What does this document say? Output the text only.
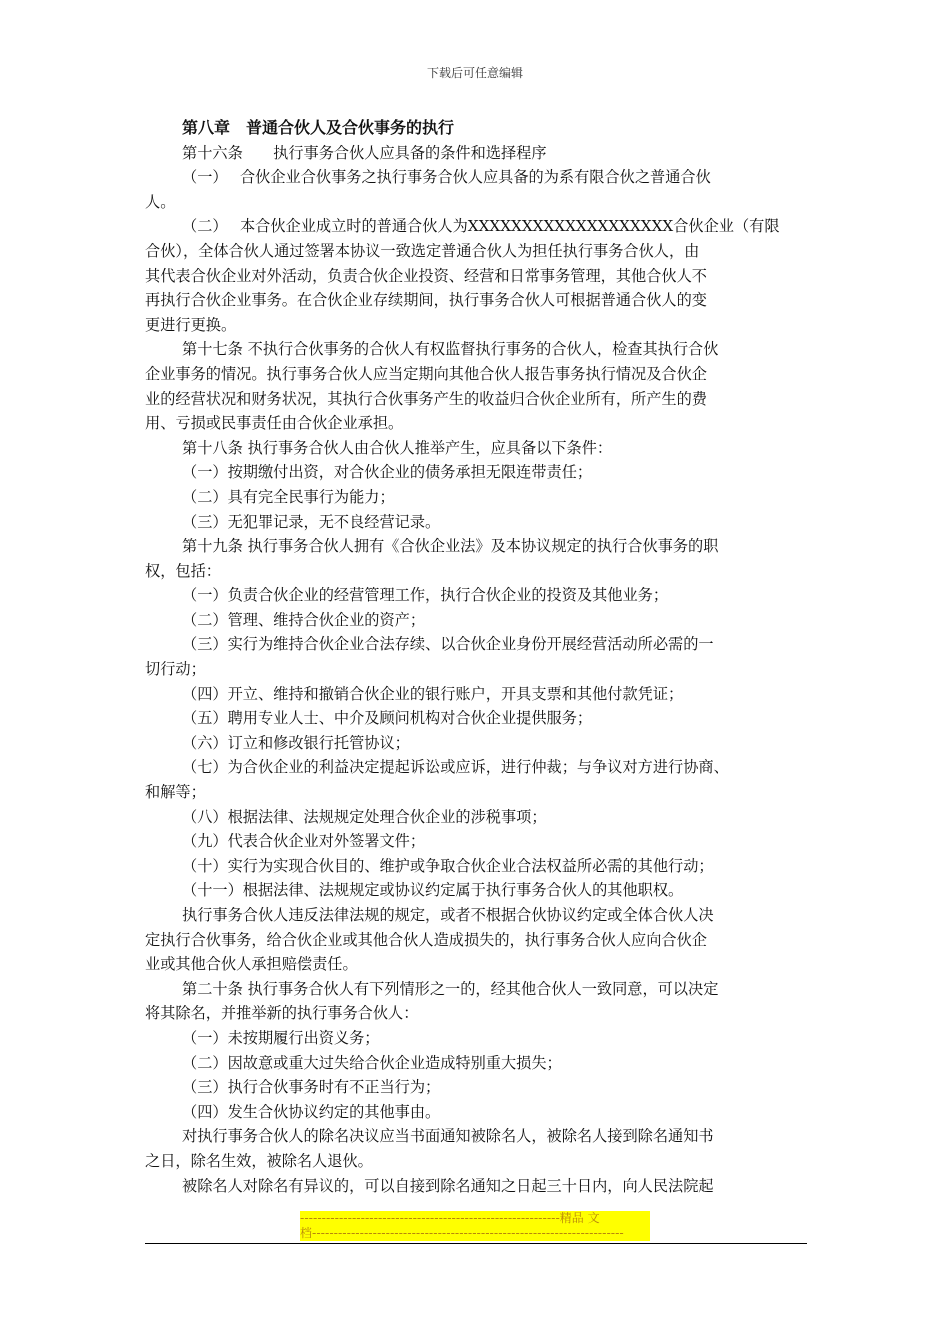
下载后可任意编辑

第八章　普通合伙人及合伙事务的执行

第十六条　　执行事务合伙人应具备的条件和选择程序

（一）　 合伙企业合伙事务之执行事务合伙人应具备的为系有限合伙之普通合伙

人。

（二）　 本合伙企业成立时的普通合伙人为XXXXXXXXXXXXXXXXXXX合伙企业（有限

合伙），全体合伙人通过签署本协议一致选定普通合伙人为担任执行事务合伙人，由

其代表合伙企业对外活动，负责合伙企业投资、经营和日常事务管理，其他合伙人不

再执行合伙企业事务。在合伙企业存续期间，执行事务合伙人可根据普通合伙人的变

更进行更换。

第十七条 不执行合伙事务的合伙人有权监督执行事务的合伙人，检查其执行合伙

企业事务的情况。执行事务合伙人应当定期向其他合伙人报告事务执行情况及合伙企

业的经营状况和财务状况，其执行合伙事务产生的收益归合伙企业所有，所产生的费

用、亏损或民事责任由合伙企业承担。

第十八条 执行事务合伙人由合伙人推举产生，应具备以下条件：

（一）按期缴付出资，对合伙企业的债务承担无限连带责任；

（二）具有完全民事行为能力；

（三）无犯罪记录，无不良经营记录。

第十九条 执行事务合伙人拥有《合伙企业法》及本协议规定的执行合伙事务的职

权，包括：

（一）负责合伙企业的经营管理工作，执行合伙企业的投资及其他业务；

（二）管理、维持合伙企业的资产；

（三）实行为维持合伙企业合法存续、以合伙企业身份开展经营活动所必需的一

切行动；

（四）开立、维持和撤销合伙企业的银行账户，开具支票和其他付款凭证；

（五）聘用专业人士、中介及顾问机构对合伙企业提供服务；

（六）订立和修改银行托管协议；

（七）为合伙企业的利益决定提起诉讼或应诉，进行仲裁；与争议对方进行协商、

和解等；

（八）根据法律、法规规定处理合伙企业的涉税事项；

（九）代表合伙企业对外签署文件；

（十）实行为实现合伙目的、维护或争取合伙企业合法权益所必需的其他行动；

（十一）根据法律、法规规定或协议约定属于执行事务合伙人的其他职权。

执行事务合伙人违反法律法规的规定，或者不根据合伙协议约定或全体合伙人决

定执行合伙事务，给合伙企业或其他合伙人造成损失的，执行事务合伙人应向合伙企

业或其他合伙人承担赔偿责任。

第二十条 执行事务合伙人有下列情形之一的，经其他合伙人一致同意，可以决定

将其除名，并推举新的执行事务合伙人：

（一）未按期履行出资义务；

（二）因故意或重大过失给合伙企业造成特别重大损失；

（三）执行合伙事务时有不正当行为；

（四）发生合伙协议约定的其他事由。

对执行事务合伙人的除名决议应当书面通知被除名人，被除名人接到除名通知书

之日，除名生效，被除名人退伙。

被除名人对除名有异议的，可以自接到除名通知之日起三十日内，向人民法院起

------------------------------------------------------------精品 文
档------------------------------------------------------------------------
